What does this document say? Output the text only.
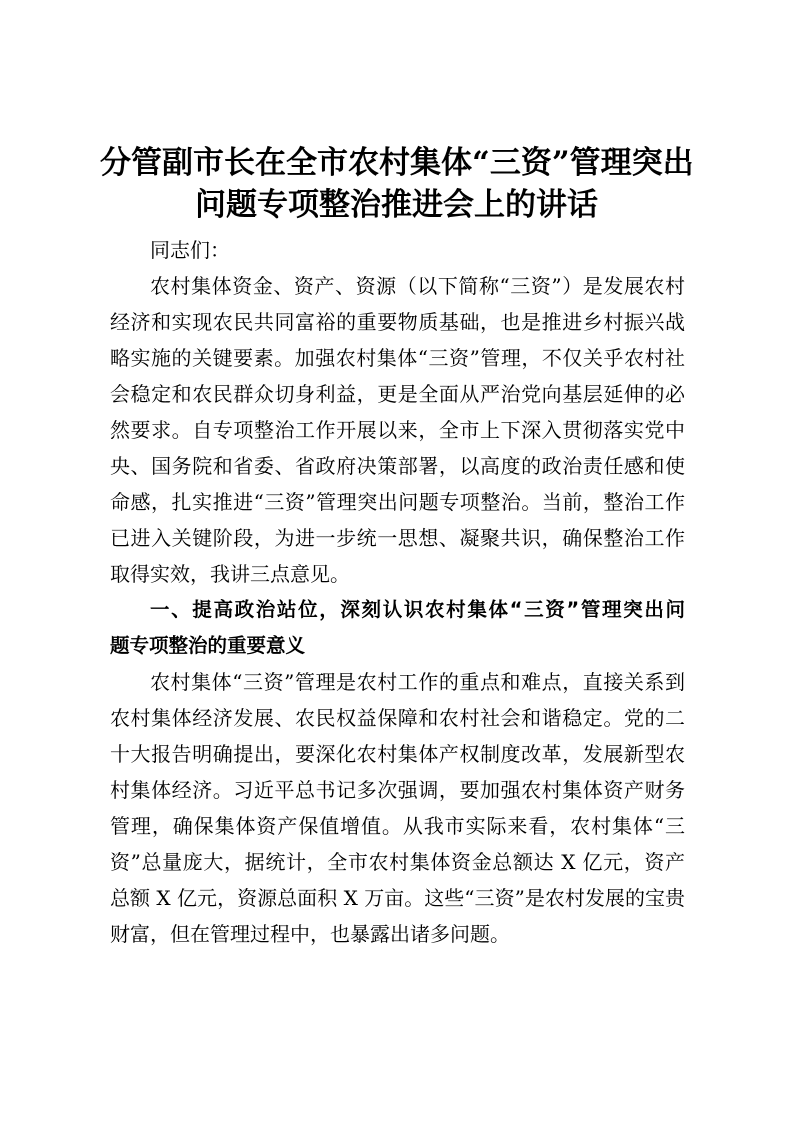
分管副市长在全市农村集体“三资”管理突出
问题专项整治推进会上的讲话
同志们：
农村集体资金、资产、资源（以下简称“三资”）是发展农村
经济和实现农民共同富裕的重要物质基础，也是推进乡村振兴战
略实施的关键要素。加强农村集体“三资”管理，不仅关乎农村社
会稳定和农民群众切身利益，更是全面从严治党向基层延伸的必
然要求。自专项整治工作开展以来，全市上下深入贯彻落实党中
央、国务院和省委、省政府决策部署，以高度的政治责任感和使
命感，扎实推进“三资”管理突出问题专项整治。当前，整治工作
已进入关键阶段，为进一步统一思想、凝聚共识，确保整治工作
取得实效，我讲三点意见。
一、提高政治站位，深刻认识农村集体“三资”管理突出问
题专项整治的重要意义
农村集体“三资”管理是农村工作的重点和难点，直接关系到
农村集体经济发展、农民权益保障和农村社会和谐稳定。党的二
十大报告明确提出，要深化农村集体产权制度改革，发展新型农
村集体经济。习近平总书记多次强调，要加强农村集体资产财务
管理，确保集体资产保值增值。从我市实际来看，农村集体“三
资”总量庞大，据统计，全市农村集体资金总额达 X 亿元，资产
总额 X 亿元，资源总面积 X 万亩。这些“三资”是农村发展的宝贵
财富，但在管理过程中，也暴露出诸多问题。
